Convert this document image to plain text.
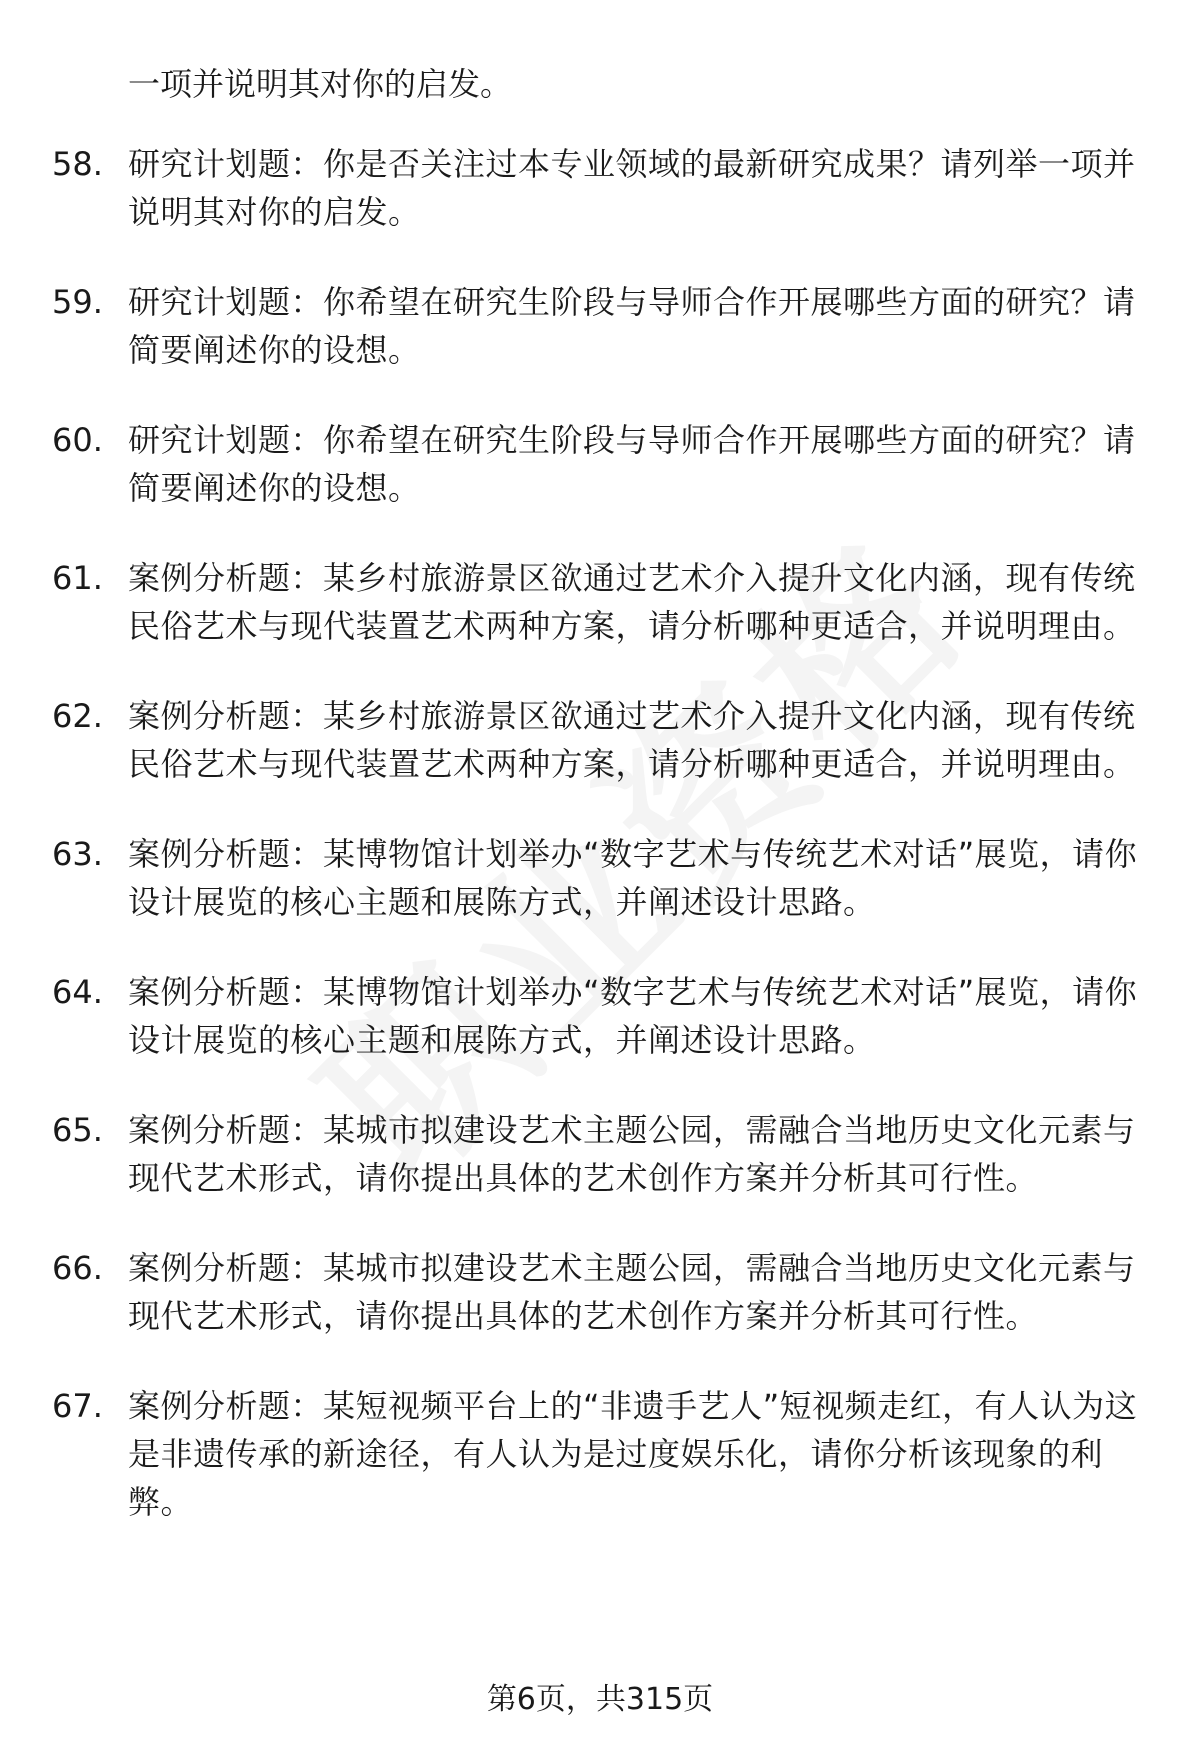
一项并说明其对你的启发。

58. 研究计划题：你是否关注过本专业领域的最新研究成果？请列举一项并说明其对你的启发。
59. 研究计划题：你希望在研究生阶段与导师合作开展哪些方面的研究？请简要阐述你的设想。
60. 研究计划题：你希望在研究生阶段与导师合作开展哪些方面的研究？请简要阐述你的设想。
61. 案例分析题：某乡村旅游景区欲通过艺术介入提升文化内涵，现有传统民俗艺术与现代装置艺术两种方案，请分析哪种更适合，并说明理由。
62. 案例分析题：某乡村旅游景区欲通过艺术介入提升文化内涵，现有传统民俗艺术与现代装置艺术两种方案，请分析哪种更适合，并说明理由。
63. 案例分析题：某博物馆计划举办“数字艺术与传统艺术对话”展览，请你设计展览的核心主题和展陈方式，并阐述设计思路。
64. 案例分析题：某博物馆计划举办“数字艺术与传统艺术对话”展览，请你设计展览的核心主题和展陈方式，并阐述设计思路。
65. 案例分析题：某城市拟建设艺术主题公园，需融合当地历史文化元素与现代艺术形式，请你提出具体的艺术创作方案并分析其可行性。
66. 案例分析题：某城市拟建设艺术主题公园，需融合当地历史文化元素与现代艺术形式，请你提出具体的艺术创作方案并分析其可行性。
67. 案例分析题：某短视频平台上的“非遗手艺人”短视频走红，有人认为这是非遗传承的新途径，有人认为是过度娱乐化，请你分析该现象的利弊。
第6页，共315页
